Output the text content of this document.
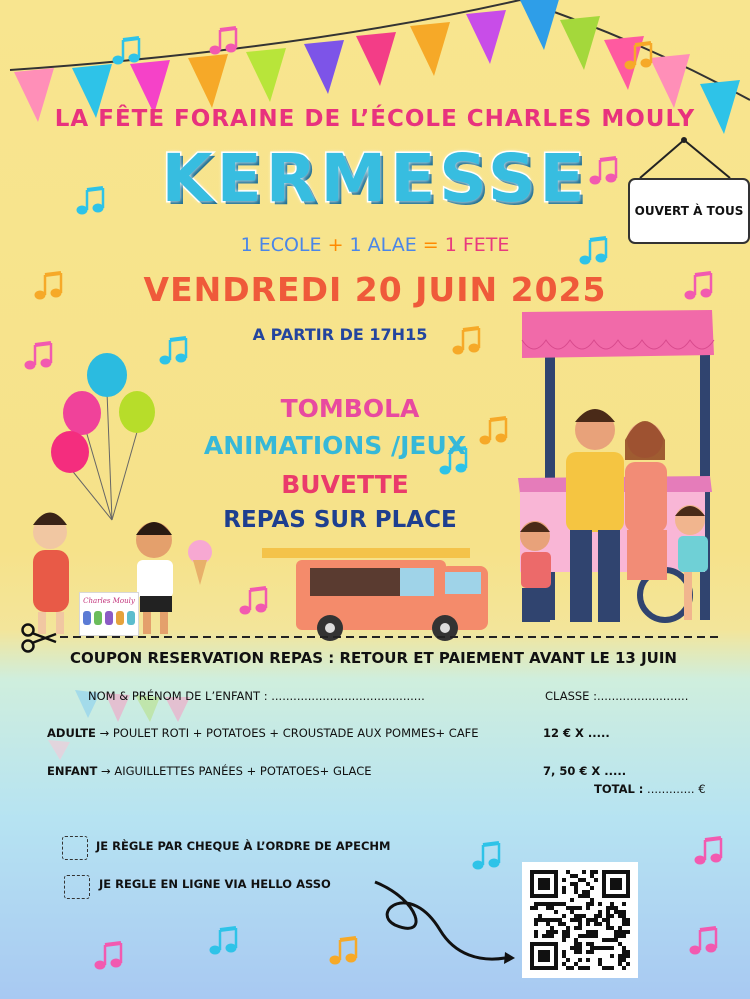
OUVERT À TOUS
LA FÊTE FORAINE DE L’ÉCOLE CHARLES MOULY
KERMESSE
1 ECOLE + 1 ALAE = 1 FETE
VENDREDI 20 JUIN 2025
A PARTIR DE 17H15
TOMBOLA
ANIMATIONS /JEUX
BUVETTE
REPAS SUR PLACE
Charles Mouly
COUPON RESERVATION REPAS : RETOUR ET PAIEMENT AVANT LE 13 JUIN
NOM & PRÉNOM DE L’ENFANT : ..........................................	CLASSE :.........................
ADULTE → POULET ROTI + POTATOES + CROUSTADE AUX POMMES+ CAFE	12 € X .....
ENFANT → AIGUILLETTES PANÉES + POTATOES+ GLACE	7, 50 € X .....
TOTAL : ............. €
JE RÈGLE PAR CHEQUE À L’ORDRE DE APECHM
JE REGLE EN LIGNE VIA HELLO ASSO
